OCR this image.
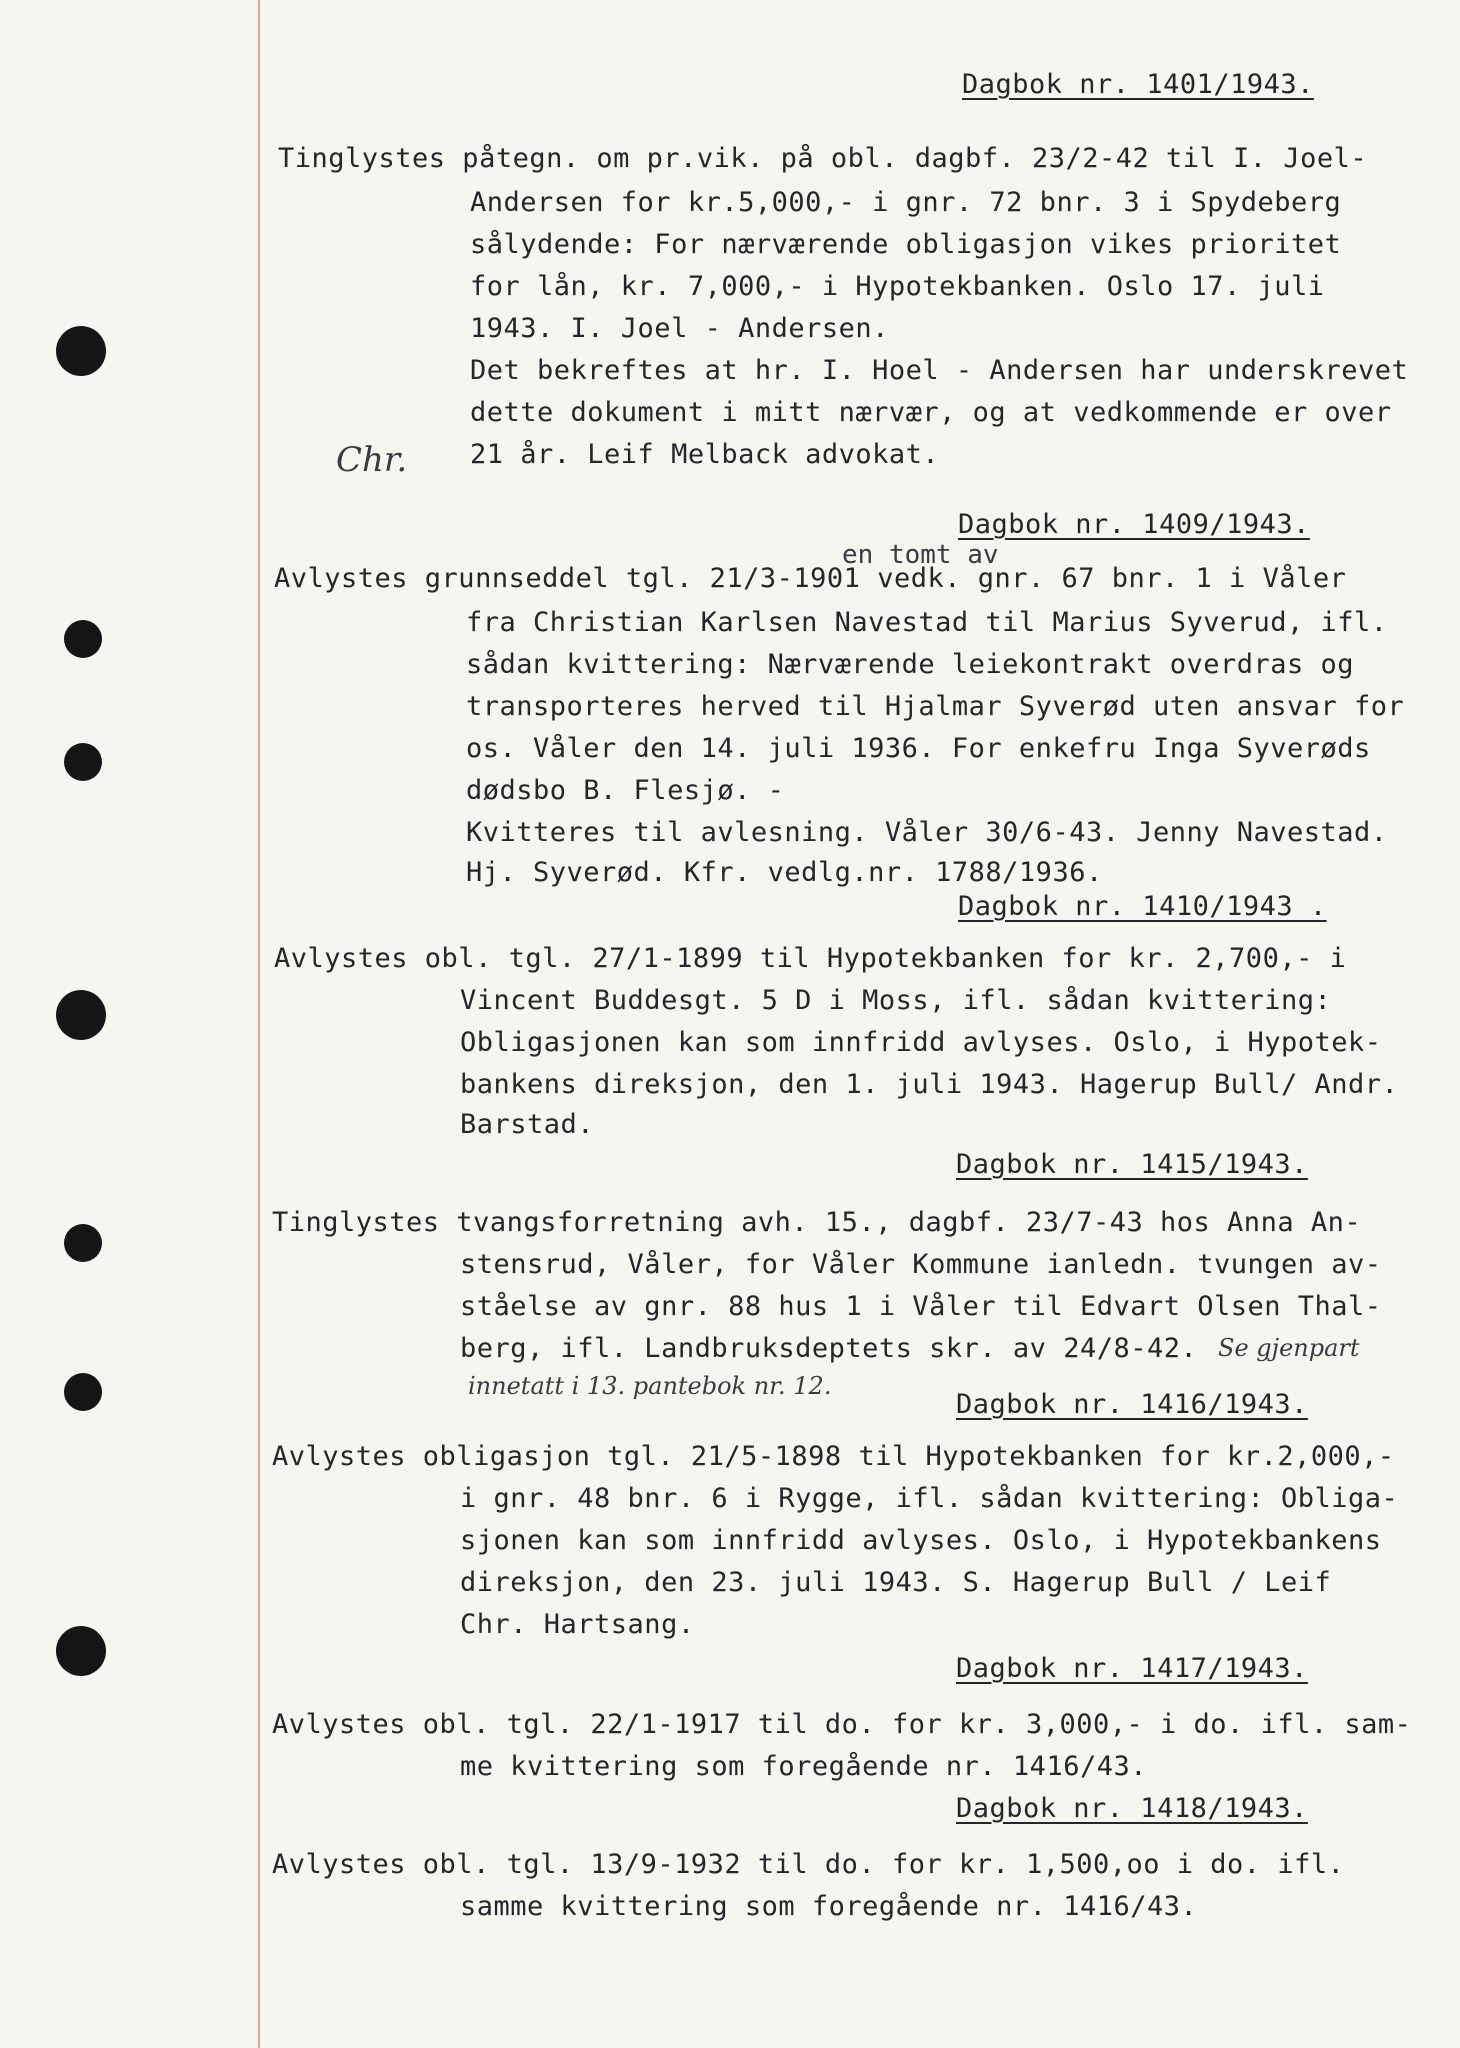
Dagbok nr. 1401/1943.
Tinglystes påtegn. om pr.vik. på obl. dagbf. 23/2-42 til I. Joel-
Andersen for kr.5,000,- i gnr. 72 bnr. 3 i Spydeberg
sålydende: For nærværende obligasjon vikes prioritet
for lån, kr. 7,000,- i Hypotekbanken. Oslo 17. juli
1943. I. Joel - Andersen.
Det bekreftes at hr. I. Hoel - Andersen har underskrevet
dette dokument i mitt nærvær, og at vedkommende er over
21 år. Leif Melback advokat.
Chr.
Dagbok nr. 1409/1943.
en tomt av
Avlystes grunnseddel tgl. 21/3-1901 vedk. gnr. 67 bnr. 1 i Våler
fra Christian Karlsen Navestad til Marius Syverud, ifl.
sådan kvittering: Nærværende leiekontrakt overdras og
transporteres herved til Hjalmar Syverød uten ansvar for
os. Våler den 14. juli 1936. For enkefru Inga Syverøds
dødsbo B. Flesjø. -
Kvitteres til avlesning. Våler 30/6-43. Jenny Navestad.
Hj. Syverød. Kfr. vedlg.nr. 1788/1936.
Dagbok nr. 1410/1943 .
Avlystes obl. tgl. 27/1-1899 til Hypotekbanken for kr. 2,700,- i
Vincent Buddesgt. 5 D i Moss, ifl. sådan kvittering:
Obligasjonen kan som innfridd avlyses. Oslo, i Hypotek-
bankens direksjon, den 1. juli 1943. Hagerup Bull/ Andr.
Barstad.
Dagbok nr. 1415/1943.
Tinglystes tvangsforretning avh. 15., dagbf. 23/7-43 hos Anna An-
stensrud, Våler, for Våler Kommune ianledn. tvungen av-
ståelse av gnr. 88 hus 1 i Våler til Edvart Olsen Thal-
berg, ifl. Landbruksdeptets skr. av 24/8-42. Se gjenpart
innetatt i 13. pantebok nr. 12.
Dagbok nr. 1416/1943.
Avlystes obligasjon tgl. 21/5-1898 til Hypotekbanken for kr.2,000,-
i gnr. 48 bnr. 6 i Rygge, ifl. sådan kvittering: Obliga-
sjonen kan som innfridd avlyses. Oslo, i Hypotekbankens
direksjon, den 23. juli 1943. S. Hagerup Bull / Leif
Chr. Hartsang.
Dagbok nr. 1417/1943.
Avlystes obl. tgl. 22/1-1917 til do. for kr. 3,000,- i do. ifl. sam-
me kvittering som foregående nr. 1416/43.
Dagbok nr. 1418/1943.
Avlystes obl. tgl. 13/9-1932 til do. for kr. 1,500,oo i do. ifl.
samme kvittering som foregående nr. 1416/43.
